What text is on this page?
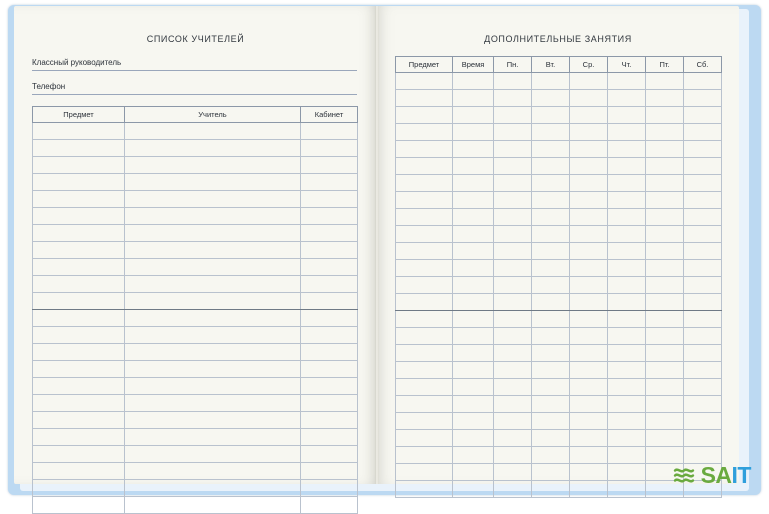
СПИСОК УЧИТЕЛЕЙ
Классный руководитель
Телефон
Предмет	Учитель	Кабинет

ДОПОЛНИТЕЛЬНЫЕ ЗАНЯТИЯ
Предмет	Время	Пн.	Вт.	Ср.	Чт.	Пт.	Сб.

SAIT
